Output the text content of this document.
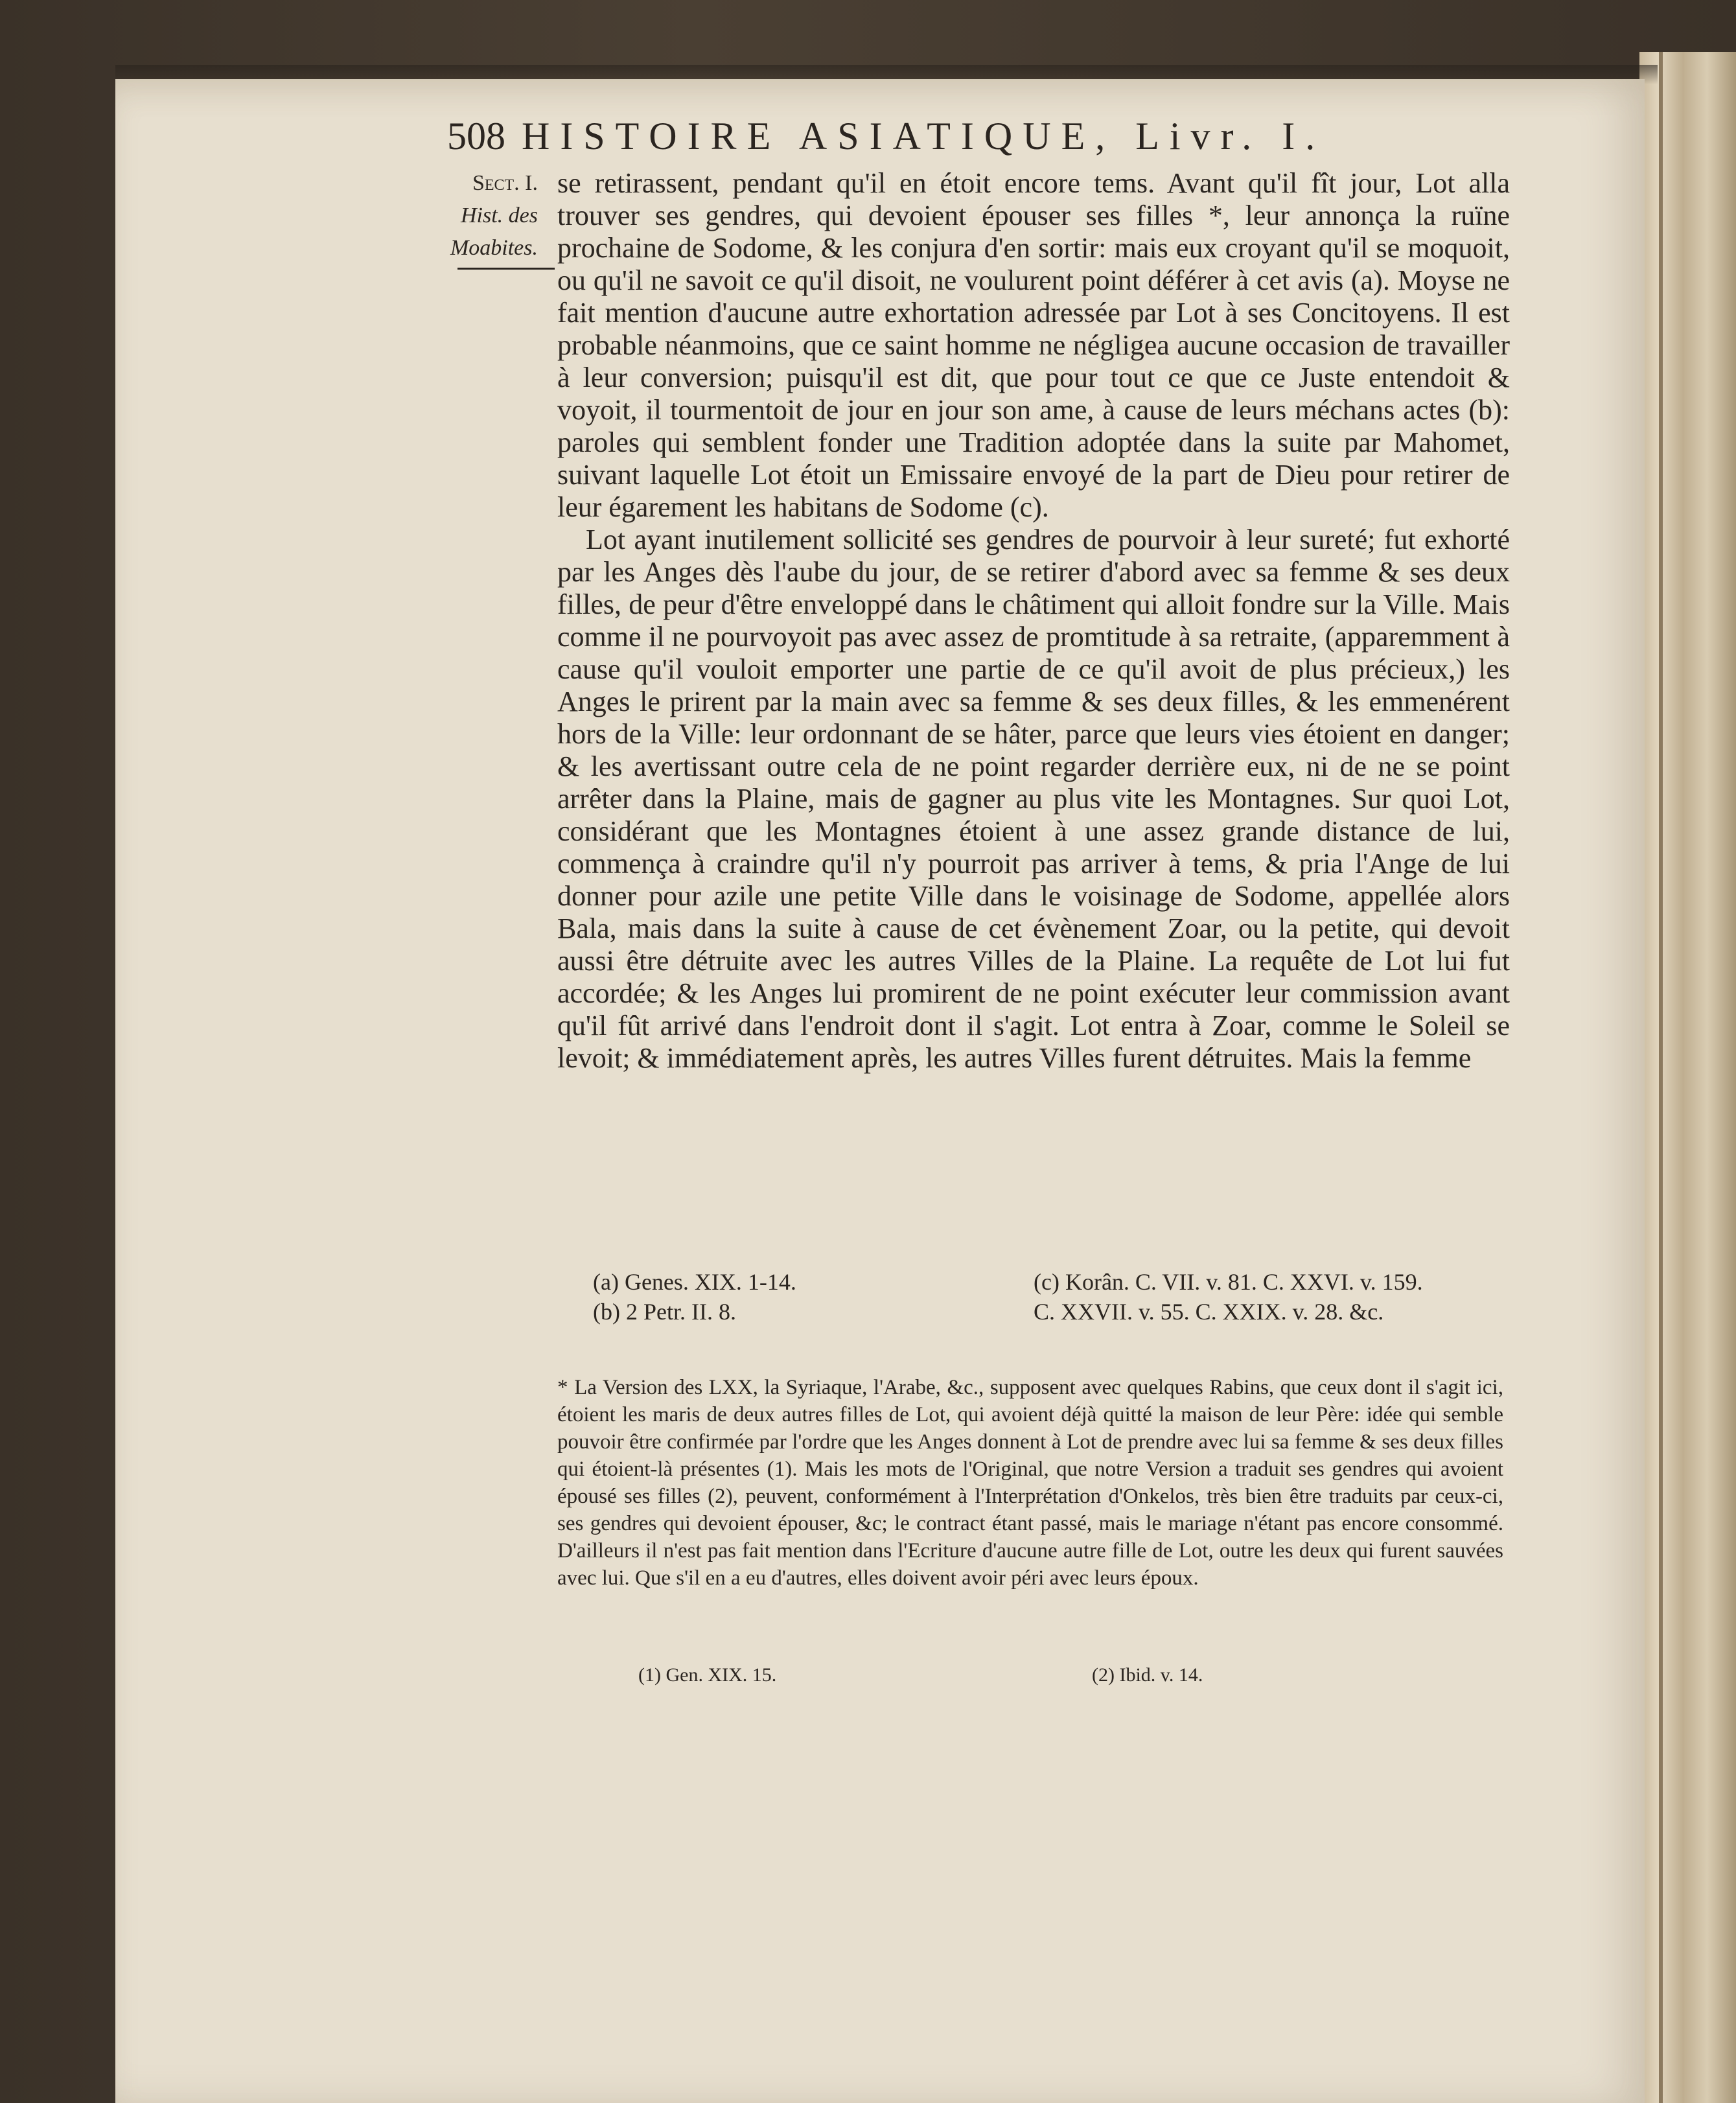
508 HISTOIRE ASIATIQUE, Livr. I.
Sect. I.
Hist. des
Moabites.

se retirassent, pendant qu'il en étoit encore tems. Avant qu'il fît jour, Lot alla trouver ses gendres, qui devoient épouser ses filles *, leur annonça la ruïne prochaine de Sodome, & les conjura d'en sortir: mais eux croyant qu'il se moquoit, ou qu'il ne savoit ce qu'il disoit, ne voulurent point déférer à cet avis (a). Moyse ne fait mention d'aucune autre exhortation adressée par Lot à ses Concitoyens. Il est probable néanmoins, que ce saint homme ne négligea aucune occasion de travailler à leur conversion; puisqu'il est dit, que pour tout ce que ce Juste entendoit & voyoit, il tourmentoit de jour en jour son ame, à cause de leurs méchans actes (b): paroles qui semblent fonder une Tradition adoptée dans la suite par Mahomet, suivant laquelle Lot étoit un Emissaire envoyé de la part de Dieu pour retirer de leur égarement les habitans de Sodome (c).

Lot ayant inutilement sollicité ses gendres de pourvoir à leur sureté; fut exhorté par les Anges dès l'aube du jour, de se retirer d'abord avec sa femme & ses deux filles, de peur d'être enveloppé dans le châtiment qui alloit fondre sur la Ville. Mais comme il ne pourvoyoit pas avec assez de promtitude à sa retraite, (apparemment à cause qu'il vouloit emporter une partie de ce qu'il avoit de plus précieux,) les Anges le prirent par la main avec sa femme & ses deux filles, & les emmenérent hors de la Ville: leur ordonnant de se hâter, parce que leurs vies étoient en danger; & les avertissant outre cela de ne point regarder derrière eux, ni de ne se point arrêter dans la Plaine, mais de gagner au plus vite les Montagnes. Sur quoi Lot, considérant que les Montagnes étoient à une assez grande distance de lui, commença à craindre qu'il n'y pourroit pas arriver à tems, & pria l'Ange de lui donner pour azile une petite Ville dans le voisinage de Sodome, appellée alors Bala, mais dans la suite à cause de cet évènement Zoar, ou la petite, qui devoit aussi être détruite avec les autres Villes de la Plaine. La requête de Lot lui fut accordée; & les Anges lui promirent de ne point exécuter leur commission avant qu'il fût arrivé dans l'endroit dont il s'agit. Lot entra à Zoar, comme le Soleil se levoit; & immédiatement après, les autres Villes furent détruites. Mais la femme

(a) Genes. XIX. 1-14.
(b) 2 Petr. II. 8.
(c) Korân. C. VII. v. 81. C. XXVI. v. 159.
C. XXVII. v. 55. C. XXIX. v. 28. &c.
* La Version des LXX, la Syriaque, l'Arabe, &c., supposent avec quelques Rabins, que ceux dont il s'agit ici, étoient les maris de deux autres filles de Lot, qui avoient déjà quitté la maison de leur Père: idée qui semble pouvoir être confirmée par l'ordre que les Anges donnent à Lot de prendre avec lui sa femme & ses deux filles qui étoient-là présentes (1). Mais les mots de l'Original, que notre Version a traduit ses gendres qui avoient épousé ses filles (2), peuvent, conformément à l'Interprétation d'Onkelos, très bien être traduits par ceux-ci, ses gendres qui devoient épouser, &c; le contract étant passé, mais le mariage n'étant pas encore consommé. D'ailleurs il n'est pas fait mention dans l'Ecriture d'aucune autre fille de Lot, outre les deux qui furent sauvées avec lui. Que s'il en a eu d'autres, elles doivent avoir péri avec leurs époux.
(1) Gen. XIX. 15.	(2) Ibid. v. 14.
